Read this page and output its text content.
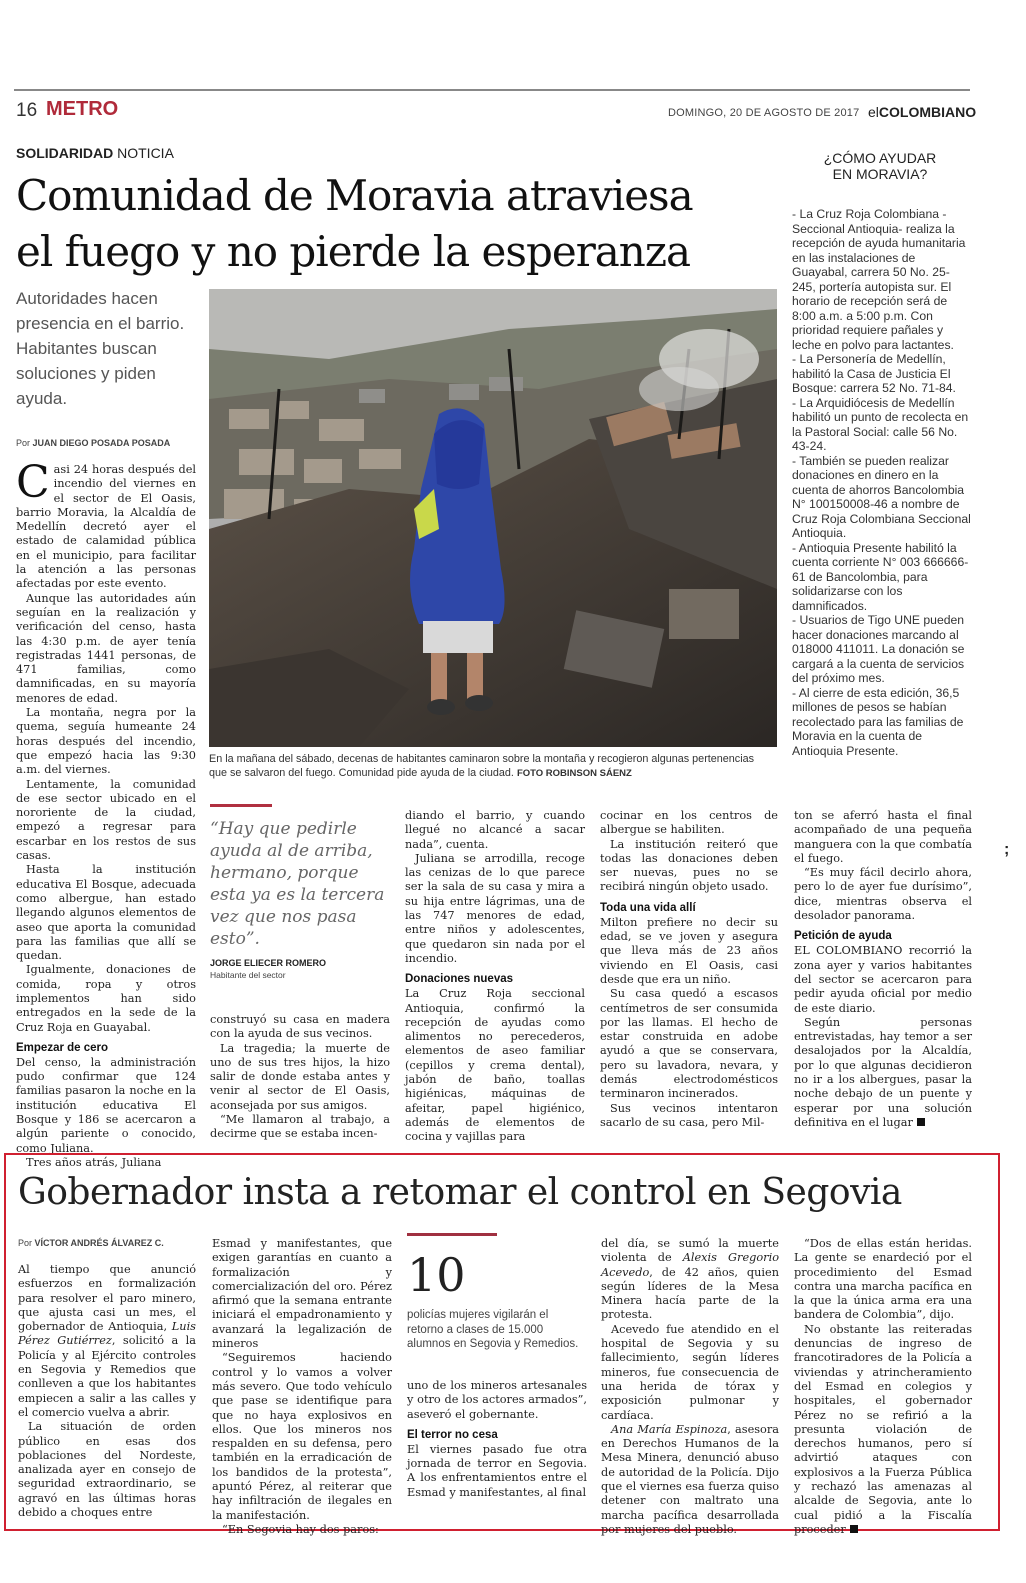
16 METRO	DOMINGO, 20 DE AGOSTO DE 2017 elCOLOMBIANO
SOLIDARIDAD NOTICIA
Comunidad de Moravia atraviesa
el fuego y no pierde la esperanza
Autoridades hacen presencia en el barrio. Habitantes buscan soluciones y piden ayuda.
Por JUAN DIEGO POSADA POSADA

Casi 24 horas después del incendio del viernes en el sector de El Oasis, barrio Moravia, la Alcaldía de Medellín decretó ayer el estado de calamidad pública en el municipio, para facilitar la atención a las personas afectadas por este evento.

Aunque las autoridades aún seguían en la realización y verificación del censo, hasta las 4:30 p.m. de ayer tenía registradas 1441 personas, de 471 familias, como damnificadas, en su mayoría menores de edad.

La montaña, negra por la quema, seguía humeante 24 horas después del incendio, que empezó hacia las 9:30 a.m. del viernes.

Lentamente, la comunidad de ese sector ubicado en el nororiente de la ciudad, empezó a regresar para escarbar en los restos de sus casas.

Hasta la institución educativa El Bosque, adecuada como albergue, han estado llegando algunos elementos de aseo que aporta la comunidad para las familias que allí se quedan.

Igualmente, donaciones de comida, ropa y otros implementos han sido entregados en la sede de la Cruz Roja en Guayabal.

Empezar de cero

Del censo, la administración pudo confirmar que 124 familias pasaron la noche en la institución educativa El Bosque y 186 se acercaron a algún pariente o conocido, como Juliana.

Tres años atrás, Juliana

En la mañana del sábado, decenas de habitantes caminaron sobre la montaña y recogieron algunas pertenencias que se salvaron del fuego. Comunidad pide ayuda de la ciudad. FOTO ROBINSON SÁENZ
¿CÓMO AYUDAR
EN MORAVIA?

- La Cruz Roja Colombiana - Seccional Antioquia- realiza la recepción de ayuda humanitaria en las instalaciones de Guayabal, carrera 50 No. 25-245, portería autopista sur. El horario de recepción será de 8:00 a.m. a 5:00 p.m. Con prioridad requiere pañales y leche en polvo para lactantes.

- La Personería de Medellín, habilitó la Casa de Justicia El Bosque: carrera 52 No. 71-84.

- La Arquidiócesis de Medellín habilitó un punto de recolecta en la Pastoral Social: calle 56 No. 43-24.

- También se pueden realizar donaciones en dinero en la cuenta de ahorros Bancolombia N° 100150008-46 a nombre de Cruz Roja Colombiana Seccional Antioquia.

- Antioquia Presente habilitó la cuenta corriente N° 003 666666-61 de Bancolombia, para solidarizarse con los damnificados.

- Usuarios de Tigo UNE pueden hacer donaciones marcando al 018000 411011. La donación se cargará a la cuenta de servicios del próximo mes.

- Al cierre de esta edición, 36,5 millones de pesos se habían recolectado para las familias de Moravia en la cuenta de Antioquia Presente.

“Hay que pedirle ayuda al de arriba, hermano, porque esta ya es la tercera vez que nos pasa esto”.
JORGE ELIECER ROMERO
Habitante del sector

construyó su casa en madera con la ayuda de sus vecinos.

La tragedia; la muerte de uno de sus tres hijos, la hizo salir de donde estaba antes y venir al sector de El Oasis, aconsejada por sus amigos.

“Me llamaron al trabajo, a decirme que se estaba incen-

diando el barrio, y cuando llegué no alcancé a sacar nada”, cuenta.

Juliana se arrodilla, recoge las cenizas de lo que parece ser la sala de su casa y mira a su hija entre lágrimas, una de las 747 menores de edad, entre niños y adolescentes, que quedaron sin nada por el incendio.

Donaciones nuevas

La Cruz Roja seccional Antioquia, confirmó la recepción de ayudas como alimentos no perecederos, elementos de aseo familiar (cepillos y crema dental), jabón de baño, toallas higiénicas, máquinas de afeitar, papel higiénico, además de elementos de cocina y vajillas para

cocinar en los centros de albergue se habiliten.

La institución reiteró que todas las donaciones deben ser nuevas, pues no se recibirá ningún objeto usado.

Toda una vida allí

Milton prefiere no decir su edad, se ve joven y asegura que lleva más de 23 años viviendo en El Oasis, casi desde que era un niño.

Su casa quedó a escasos centímetros de ser consumida por las llamas. El hecho de estar construida en adobe ayudó a que se conservara, pero su lavadora, nevara, y demás electrodomésticos terminaron incinerados.

Sus vecinos intentaron sacarlo de su casa, pero Mil-

ton se aferró hasta el final acompañado de una pequeña manguera con la que combatía el fuego.

“Es muy fácil decirlo ahora, pero lo de ayer fue durísimo”, dice, mientras observa el desolador panorama.

Petición de ayuda

EL COLOMBIANO recorrió la zona ayer y varios habitantes del sector se acercaron para pedir ayuda oficial por medio de este diario.

Según personas entrevistadas, hay temor a ser desalojados por la Alcaldía, por lo que algunas decidieron no ir a los albergues, pasar la noche debajo de un puente y esperar por una solución definitiva en el lugar

;
Gobernador insta a retomar el control en Segovia
Por VÍCTOR ANDRÉS ÁLVAREZ C.

Al tiempo que anunció esfuerzos en formalización para resolver el paro minero, que ajusta casi un mes, el gobernador de Antioquia, Luis Pérez Gutiérrez, solicitó a la Policía y al Ejército controles en Segovia y Remedios que conlleven a que los habitantes empiecen a salir a las calles y el comercio vuelva a abrir.

La situación de orden público en esas dos poblaciones del Nordeste, analizada ayer en consejo de seguridad extraordinario, se agravó en las últimas horas debido a choques entre

Esmad y manifestantes, que exigen garantías en cuanto a formalización y comercialización del oro. Pérez afirmó que la semana entrante iniciará el empadronamiento y avanzará la legalización de mineros

“Seguiremos haciendo control y lo vamos a volver más severo. Que todo vehículo que pase se identifique para que no haya explosivos en ellos. Que los mineros nos respalden en su defensa, pero también en la erradicación de los bandidos de la protesta”, apuntó Pérez, al reiterar que hay infiltración de ilegales en la manifestación.

“En Segovia hay dos paros:

10
policías mujeres vigilarán el retorno a clases de 15.000 alumnos en Segovia y Remedios.

uno de los mineros artesanales y otro de los actores armados”, aseveró el gobernante.

El terror no cesa

El viernes pasado fue otra jornada de terror en Segovia. A los enfrentamientos entre el Esmad y manifestantes, al final

del día, se sumó la muerte violenta de Alexis Gregorio Acevedo, de 42 años, quien según líderes de la Mesa Minera hacía parte de la protesta.

Acevedo fue atendido en el hospital de Segovia y su fallecimiento, según líderes mineros, fue consecuencia de una herida de tórax y exposición pulmonar y cardíaca.

Ana María Espinoza, asesora en Derechos Humanos de la Mesa Minera, denunció abuso de autoridad de la Policía. Dijo que el viernes esa fuerza quiso detener con maltrato una marcha pacífica desarrollada por mujeres del pueblo.

“Dos de ellas están heridas. La gente se enardeció por el procedimiento del Esmad contra una marcha pacífica en la que la única arma era una bandera de Colombia”, dijo.

No obstante las reiteradas denuncias de ingreso de francotiradores de la Policía a viviendas y atrincheramiento del Esmad en colegios y hospitales, el gobernador Pérez no se refirió a la presunta violación de derechos humanos, pero sí advirtió ataques con explosivos a la Fuerza Pública y rechazó las amenazas al alcalde de Segovia, ante lo cual pidió a la Fiscalía proceder
